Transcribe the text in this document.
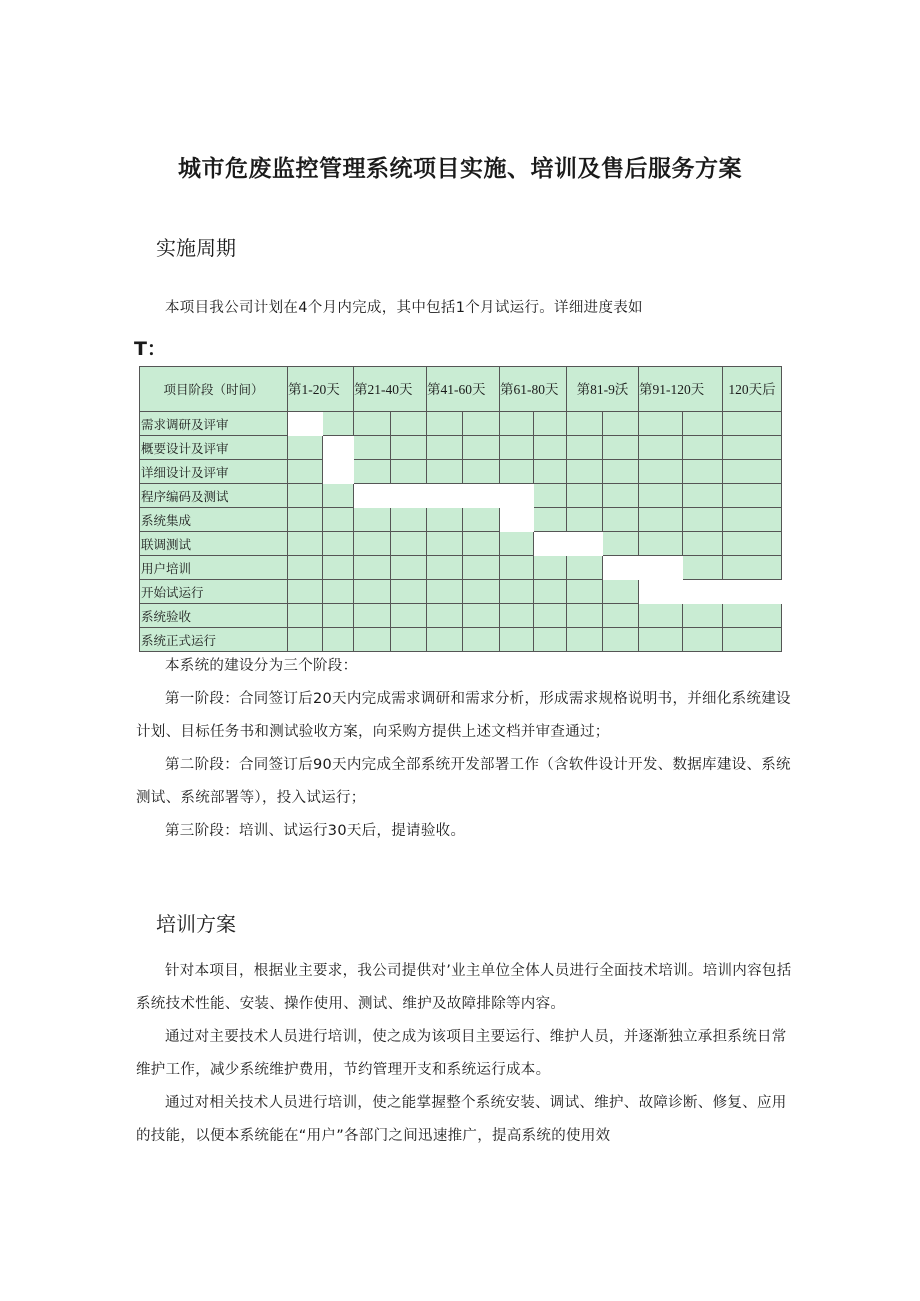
城市危废监控管理系统项目实施、培训及售后服务方案
实施周期

本项目我公司计划在4个月内完成，其中包括1个月试运行。详细进度表如

T：
项目阶段（时间）	第1-20天		第21-40天		第41-60天		第61-80天		第81-9沃		第91-120天		120天后
需求调研及评审													
概要设计及评审													
详细设计及评审													
程序编码及测试													
系统集成													
联调测试													
用户培训													
开始试运行													
系统验收													
系统正式运行													

本系统的建设分为三个阶段：

第一阶段：合同签订后20天内完成需求调研和需求分析，形成需求规格说明书，并细化系统建设计划、目标任务书和测试验收方案，向采购方提供上述文档并审查通过；

第二阶段：合同签订后90天内完成全部系统开发部署工作（含软件设计开发、数据库建设、系统测试、系统部署等），投入试运行；

第三阶段：培训、试运行30天后，提请验收。

培训方案

针对本项目，根据业主要求，我公司提供对’业主单位全体人员进行全面技术培训。培训内容包括系统技术性能、安装、操作使用、测试、维护及故障排除等内容。

通过对主要技术人员进行培训，使之成为该项目主要运行、维护人员，并逐渐独立承担系统日常维护工作，减少系统维护费用，节约管理开支和系统运行成本。

通过对相关技术人员进行培训，使之能掌握整个系统安装、调试、维护、故障诊断、修复、应用的技能，以便本系统能在“用户”各部门之间迅速推广，提高系统的使用效
